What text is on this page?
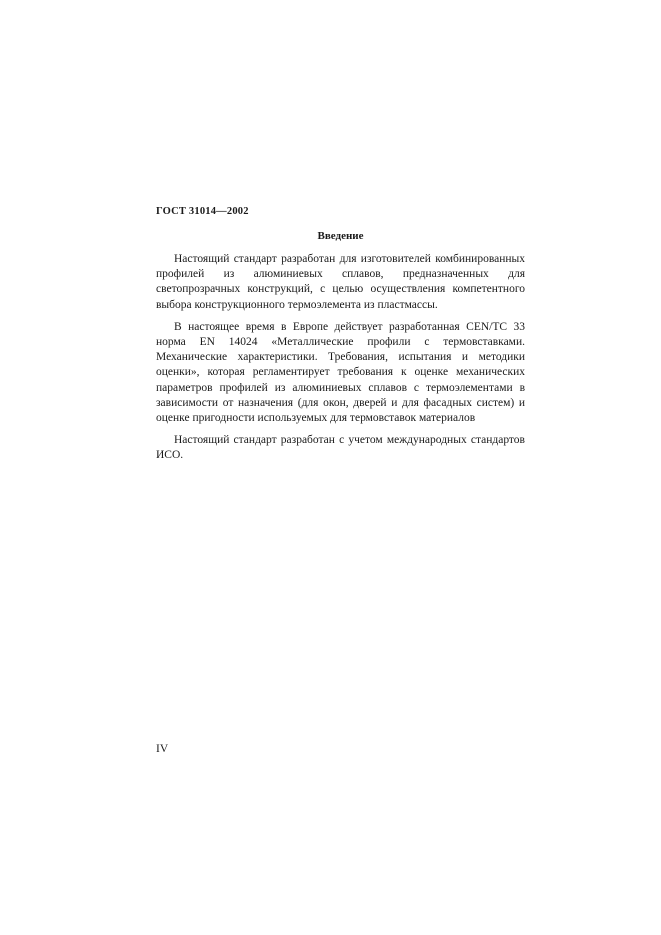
ГОСТ 31014—2002
Введение

Настоящий стандарт разработан для изготовителей комбинированных профилей из алюминиевых сплавов, предназначенных для светопрозрачных конструкций, с целью осуществления компетентного выбора конструкционного термоэлемента из пластмассы.

В настоящее время в Европе действует разработанная CEN/TC 33 норма EN 14024 «Металлические профили с термовставками. Механические характеристики. Требования, испытания и методики оценки», которая регламентирует требования к оценке механических параметров профилей из алюминиевых сплавов с термоэлементами в зависимости от назначения (для окон, дверей и для фасадных систем) и оценке пригодности используемых для термовставок материалов

Настоящий стандарт разработан с учетом международных стандартов ИСО.

IV
